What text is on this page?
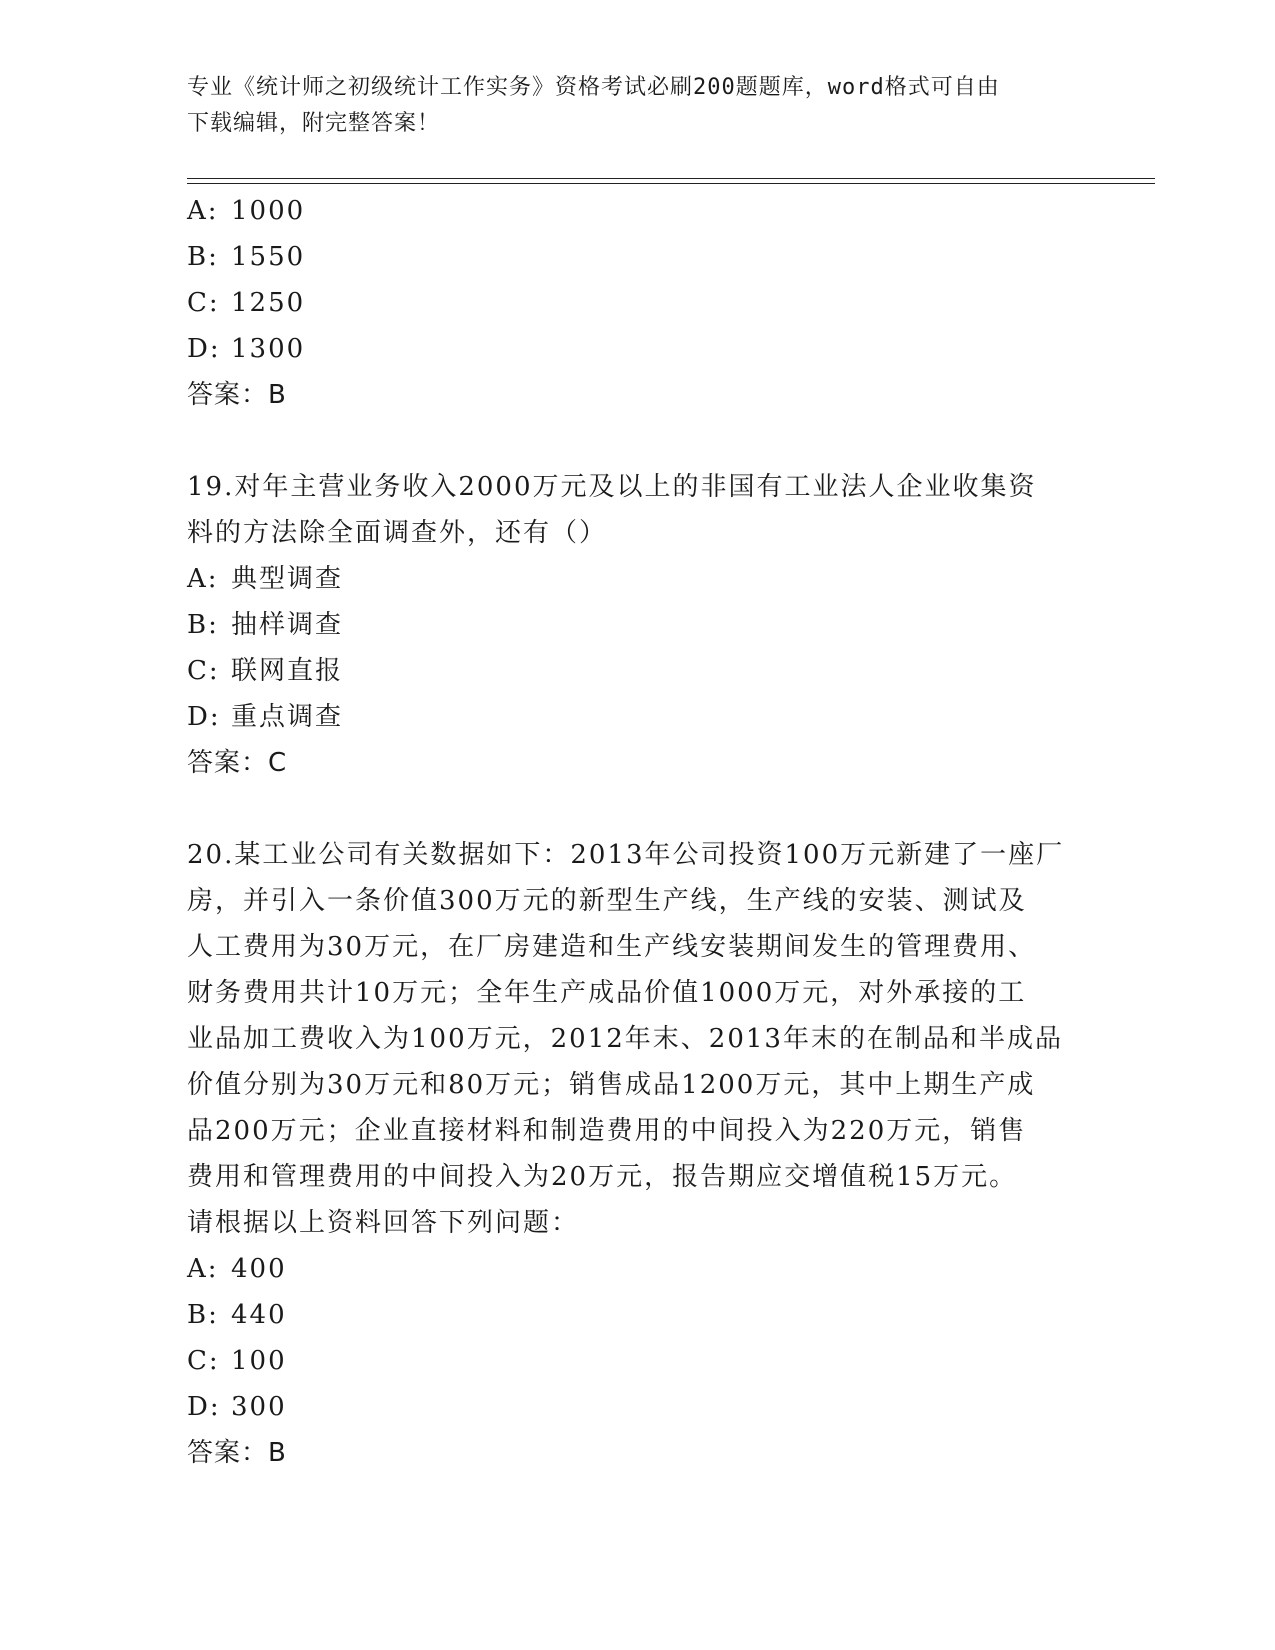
专业《统计师之初级统计工作实务》资格考试必刷200题题库，word格式可自由
下载编辑，附完整答案！
A: 1000
B: 1550
C: 1250
D: 1300
答案：B
19.对年主营业务收入2000万元及以上的非国有工业法人企业收集资
料的方法除全面调查外，还有（）
A: 典型调查
B: 抽样调查
C: 联网直报
D: 重点调查
答案：C
20.某工业公司有关数据如下：2013年公司投资100万元新建了一座厂
房，并引入一条价值300万元的新型生产线，生产线的安装、测试及
人工费用为30万元，在厂房建造和生产线安装期间发生的管理费用、
财务费用共计10万元；全年生产成品价值1000万元，对外承接的工
业品加工费收入为100万元，2012年末、2013年末的在制品和半成品
价值分别为30万元和80万元；销售成品1200万元，其中上期生产成
品200万元；企业直接材料和制造费用的中间投入为220万元，销售
费用和管理费用的中间投入为20万元，报告期应交增值税15万元。
请根据以上资料回答下列问题：
A: 400
B: 440
C: 100
D: 300
答案：B
